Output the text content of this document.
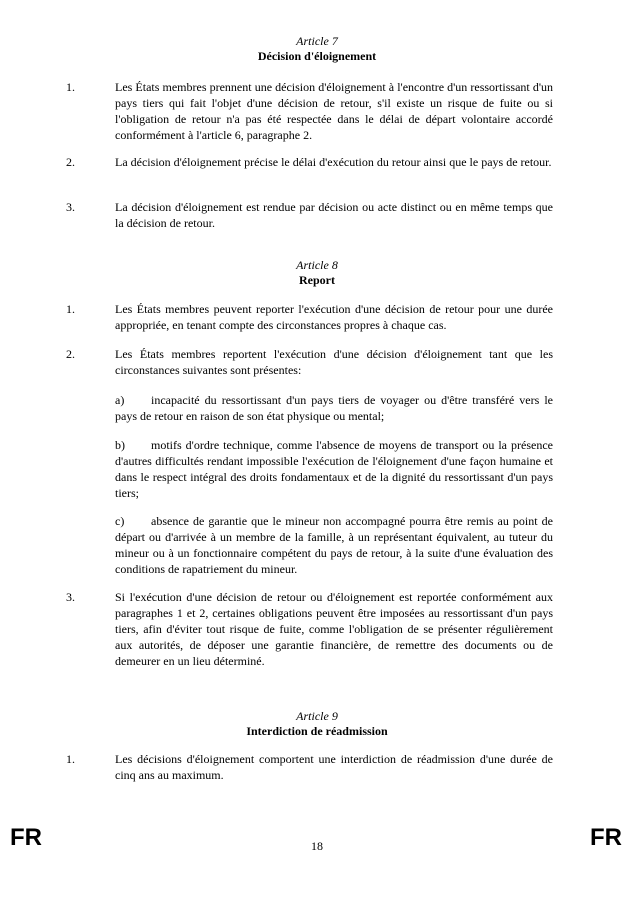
Article 7
Décision d'éloignement
1.	Les États membres prennent une décision d'éloignement à l'encontre d'un ressortissant d'un pays tiers qui fait l'objet d'une décision de retour, s'il existe un risque de fuite ou si l'obligation de retour n'a pas été respectée dans le délai de départ volontaire accordé conformément à l'article 6, paragraphe 2.
2.	La décision d'éloignement précise le délai d'exécution du retour ainsi que le pays de retour.
3.	La décision d'éloignement est rendue par décision ou acte distinct ou en même temps que la décision de retour.
Article 8
Report
1.	Les États membres peuvent reporter l'exécution d'une décision de retour pour une durée appropriée, en tenant compte des circonstances propres à chaque cas.
2.	Les États membres reportent l'exécution d'une décision d'éloignement tant que les circonstances suivantes sont présentes:
a) incapacité du ressortissant d'un pays tiers de voyager ou d'être transféré vers le pays de retour en raison de son état physique ou mental;
b) motifs d'ordre technique, comme l'absence de moyens de transport ou la présence d'autres difficultés rendant impossible l'exécution de l'éloignement d'une façon humaine et dans le respect intégral des droits fondamentaux et de la dignité du ressortissant d'un pays tiers;
c) absence de garantie que le mineur non accompagné pourra être remis au point de départ ou d'arrivée à un membre de la famille, à un représentant équivalent, au tuteur du mineur ou à un fonctionnaire compétent du pays de retour, à la suite d'une évaluation des conditions de rapatriement du mineur.
3.	Si l'exécution d'une décision de retour ou d'éloignement est reportée conformément aux paragraphes 1 et 2, certaines obligations peuvent être imposées au ressortissant d'un pays tiers, afin d'éviter tout risque de fuite, comme l'obligation de se présenter régulièrement aux autorités, de déposer une garantie financière, de remettre des documents ou de demeurer en un lieu déterminé.
Article 9
Interdiction de réadmission
1.	Les décisions d'éloignement comportent une interdiction de réadmission d'une durée de cinq ans au maximum.
FR	18	FR
